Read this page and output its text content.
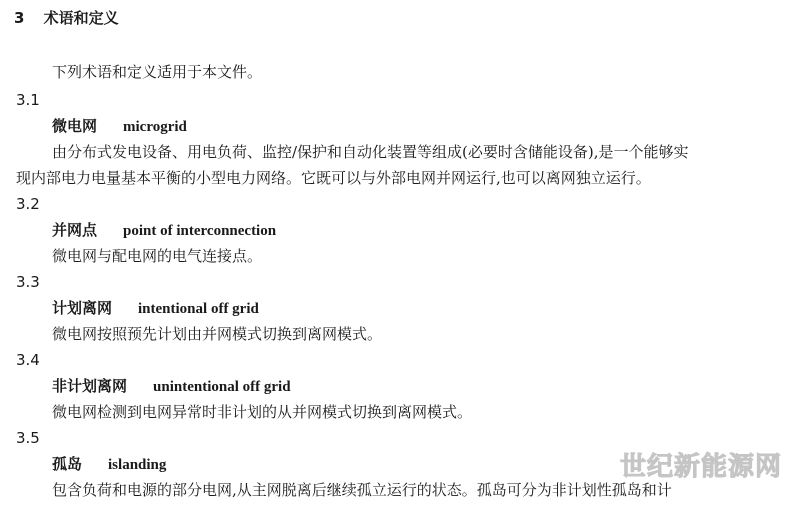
3 术语和定义
下列术语和定义适用于本文件。
3.1
微电网 microgrid
由分布式发电设备、用电负荷、监控/保护和自动化装置等组成(必要时含储能设备),是一个能够实
现内部电力电量基本平衡的小型电力网络。它既可以与外部电网并网运行,也可以离网独立运行。
3.2
并网点 point of interconnection
微电网与配电网的电气连接点。
3.3
计划离网 intentional off grid
微电网按照预先计划由并网模式切换到离网模式。
3.4
非计划离网 unintentional off grid
微电网检测到电网异常时非计划的从并网模式切换到离网模式。
3.5
孤岛 islanding
包含负荷和电源的部分电网,从主网脱离后继续孤立运行的状态。孤岛可分为非计划性孤岛和计
世纪新能源网
